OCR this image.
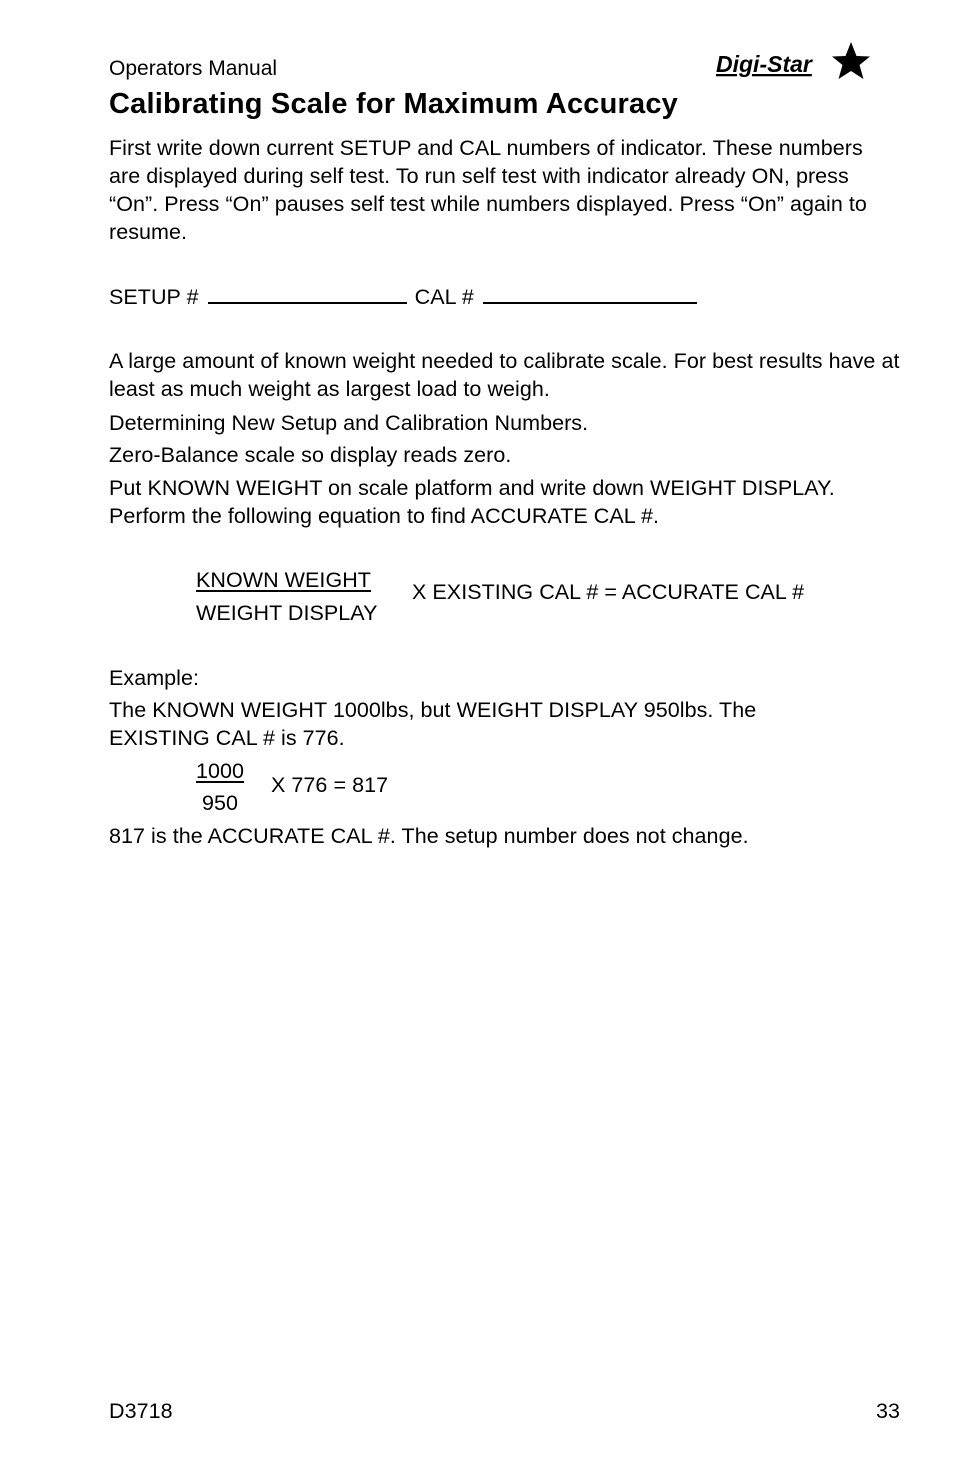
Operators Manual	Digi-Star
Calibrating Scale for Maximum Accuracy
First write down current SETUP and CAL numbers of indicator. These numbers are displayed during self test. To run self test with indicator already ON, press “On”. Press “On” pauses self test while numbers displayed. Press “On” again to resume.
SETUP #	CAL #
A large amount of known weight needed to calibrate scale. For best results have at least as much weight as largest load to weigh.
Determining New Setup and Calibration Numbers.
Zero-Balance scale so display reads zero.
Put KNOWN WEIGHT on scale platform and write down WEIGHT DISPLAY. Perform the following equation to find ACCURATE CAL #.
KNOWN WEIGHT
WEIGHT DISPLAY
X EXISTING CAL # = ACCURATE CAL #
Example:
The KNOWN WEIGHT 1000lbs, but WEIGHT DISPLAY 950lbs. The EXISTING CAL # is 776.
1000
950
X 776 = 817
817 is the ACCURATE CAL #. The setup number does not change.
D3718	33
